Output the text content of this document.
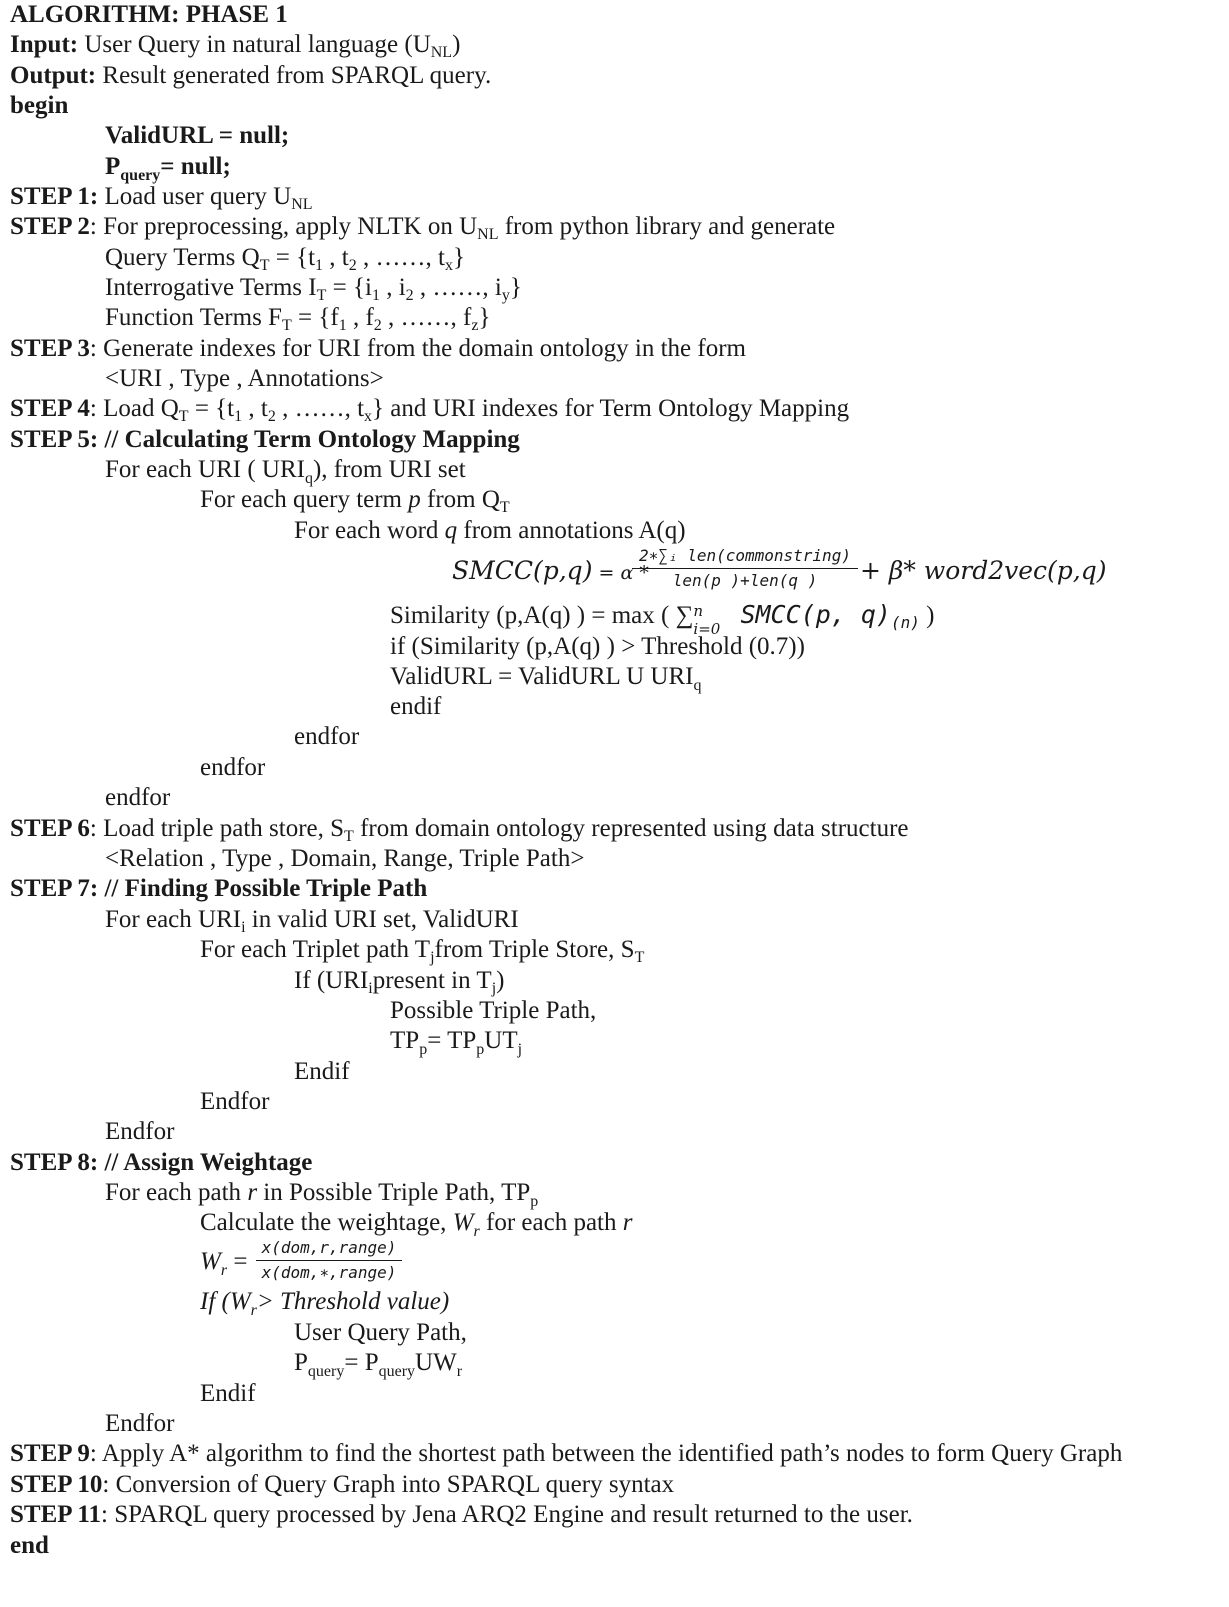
ALGORITHM: PHASE 1
Input: User Query in natural language $(U_{NL})$
Output: Result generated from SPARQL query.
begin
ValidURL = null;
$P_{query}=$ null;
STEP 1: Load user query $U_{NL}$
STEP 2: For preprocessing, apply NLTK on $U_{NL}$ from python library and generate
Query Terms $Q_T = \{t_1$ , $t_2$ , ……, $t_x$}
Interrogative Terms $I_T = \{i_1$ , $i_2$ , ……, $i_y$}
Function Terms $F_T = \{f_1$ , $f_2$ , ……, $f_z$}
STEP 3: Generate indexes for URI from the domain ontology in the form
<URI , Type , Annotations>
STEP 4: Load $Q_T = \{t_1$ , $t_2$ , ……, $t_x$} and URI indexes for Term Ontology Mapping
STEP 5: // Calculating Term Ontology Mapping
For each URI ( $URI_q$), from URI set
For each query term p from $Q_T$
For each word q from annotations A(q)
SMCC(p,q) = α *
2∗∑ᵢ len(commonstring)
len(p )+len(q )	+ β* word2vec(p,q)
Similarity (p,A(q) ) = max ( ∑ n
i=0 SMCC(p, $q)_{(n)}$ )
if (Similarity (p,A(q) ) > Threshold (0.7))
ValidURL = ValidURL U $URI_q$
endif
endfor
endfor
endfor
STEP 6: Load triple path store, $S_T$ from domain ontology represented using data structure
<Relation , Type , Domain, Range, Triple Path>
STEP 7: // Finding Possible Triple Path
For each $URI_i$ in valid URI set, ValidURI
For each Triplet path $T_jfrom$ Triple Store, $S_T$
If ($URI_ipresent$ in $T_j$)
Possible Triple Path,
$TP_p= TP_pUT_j$
Endif
Endfor
Endfor
STEP 8: // Assign Weightage
For each path r in Possible Triple Path, $TP_p$
Calculate the weightage, $W_r$ for each path r
$W_r$ =
x(dom,r,range)
x(dom,∗,range)
If ($W_r>$ Threshold value)
User Query Path,
$P_{query}= P_{query}UW_r$
Endif
Endfor
STEP 9: Apply A* algorithm to find the shortest path between the identified path’s nodes to form Query Graph
STEP 10: Conversion of Query Graph into SPARQL query syntax
STEP 11: SPARQL query processed by Jena ARQ2 Engine and result returned to the user.
end
